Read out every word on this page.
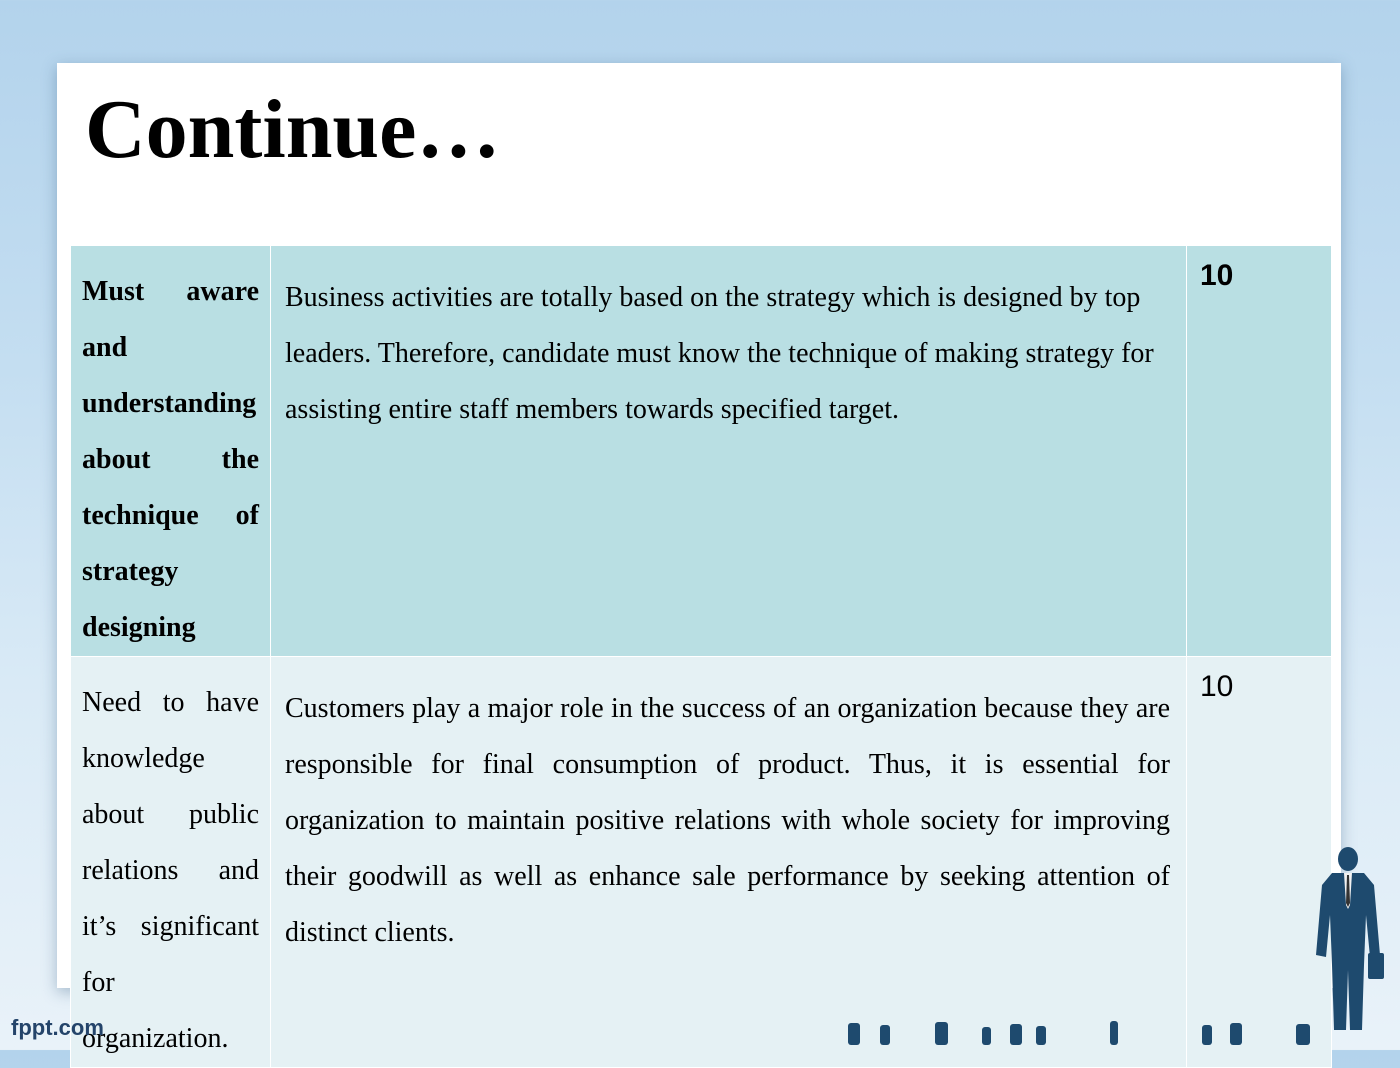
Continue…
Must aware and understanding about the technique of strategy designing	Business activities are totally based on the strategy which is designed by top leaders. Therefore, candidate must know the technique of making strategy for assisting entire staff members towards specified target.	10

Need to have knowledge about public relations and it’s significant for organization.	Customers play a major role in the success of an organization because they are responsible for final consumption of product. Thus, it is essential for organization to maintain positive relations with whole society for improving their goodwill as well as enhance sale performance by seeking attention of distinct clients.	10
fppt.com
